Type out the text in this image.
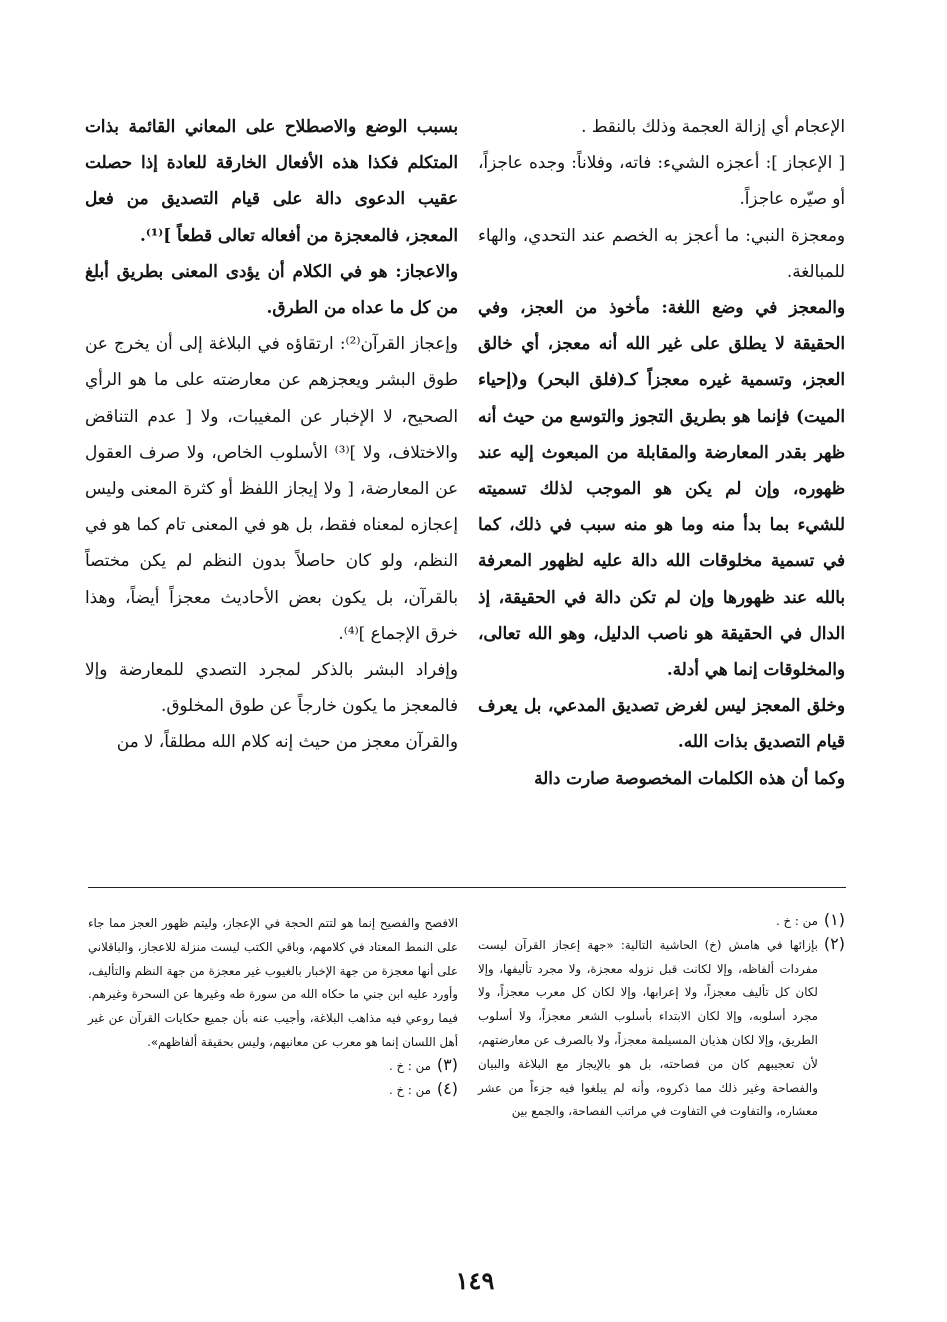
الإعجام أي إزالة العجمة وذلك بالنقط .

[ الإعجاز ]: أعجزه الشيء: فاته، وفلاناً: وجده عاجزاً، أو صيّره عاجزاً.

ومعجزة النبي: ما أعجز به الخصم عند التحدي، والهاء للمبالغة.

والمعجز في وضع اللغة: مأخوذ من العجز، وفي الحقيقة لا يطلق على غير الله أنه معجز، أي خالق العجز، وتسمية غيره معجزاً كـ(فلق البحر) و(إحياء الميت) فإنما هو بطريق التجوز والتوسع من حيث أنه ظهر بقدر المعارضة والمقابلة من المبعوث إليه عند ظهوره، وإن لم يكن هو الموجب لذلك تسميته للشيء بما بدأ منه وما هو منه سبب في ذلك، كما في تسمية مخلوقات الله دالة عليه لظهور المعرفة بالله عند ظهورها وإن لم تكن دالة في الحقيقة، إذ الدال في الحقيقة هو ناصب الدليل، وهو الله تعالى، والمخلوقات إنما هي أدلة.

وخلق المعجز ليس لغرض تصديق المدعي، بل يعرف قيام التصديق بذات الله.

وكما أن هذه الكلمات المخصوصة صارت دالة

بسبب الوضع والاصطلاح على المعاني القائمة بذات المتكلم فكذا هذه الأفعال الخارقة للعادة إذا حصلت عقيب الدعوى دالة على قيام التصديق من فعل المعجز، فالمعجزة من أفعاله تعالى قطعاً ]⁽¹⁾.

والاعجاز: هو في الكلام أن يؤدى المعنى بطريق أبلغ من كل ما عداه من الطرق.

وإعجاز القرآن⁽²⁾: ارتقاؤه في البلاغة إلى أن يخرج عن طوق البشر ويعجزهم عن معارضته على ما هو الرأي الصحيح، لا الإخبار عن المغيبات، ولا [ عدم التناقض والاختلاف، ولا ]⁽³⁾ الأسلوب الخاص، ولا صرف العقول عن المعارضة، [ ولا إيجاز اللفظ أو كثرة المعنى وليس إعجازه لمعناه فقط، بل هو في المعنى تام كما هو في النظم، ولو كان حاصلاً بدون النظم لم يكن مختصاً بالقرآن، بل يكون بعض الأحاديث معجزاً أيضاً، وهذا خرق الإجماع ]⁽⁴⁾.

وإفراد البشر بالذكر لمجرد التصدي للمعارضة وإلا فالمعجز ما يكون خارجاً عن طوق المخلوق.

والقرآن معجز من حيث إنه كلام الله مطلقاً، لا من

(١)

من : خ .

(٢)

بإزائها في هامش (خ) الحاشية التالية: «جهة إعجاز القرآن ليست مفردات ألفاظه، وإلا لكانت قبل نزوله معجزة، ولا مجرد تأليفها، وإلا لكان كل تأليف معجزاً، ولا إعرابها، وإلا لكان كل معرب معجزاً، ولا مجرد أسلوبه، وإلا لكان الابتداء بأسلوب الشعر معجزاً، ولا أسلوب الطريق، وإلا لكان هذيان المسيلمة معجزاً، ولا بالصرف عن معارضتهم، لأن تعجيبهم كان من فصاحته، بل هو بالإيجاز مع البلاغة والبيان والفصاحة وغير ذلك مما ذكروه، وأنه لم يبلغوا فيه جزءاً من عشر معشاره، والتفاوت في التفاوت في مراتب الفصاحة، والجمع بين

الافصح والفصيح إنما هو لتتم الحجة في الإعجاز، وليتم ظهور العجز مما جاء على النمط المعتاد في كلامهم، وباقي الكتب ليست منزلة للاعجاز، والباقلاني على أنها معجزة من جهة الإخبار بالغيوب غير معجزة من جهة النظم والتأليف، وأورد عليه ابن جني ما حكاه الله من سورة طه وغيرها عن السحرة وغيرهم. فيما روعي فيه مذاهب البلاغة، وأجيب عنه بأن جميع حكايات القرآن عن غير أهل اللسان إنما هو معرب عن معانيهم، وليس بحقيقة ألفاظهم».

(٣)

من : خ .

(٤)

من : خ .

١٤٩
